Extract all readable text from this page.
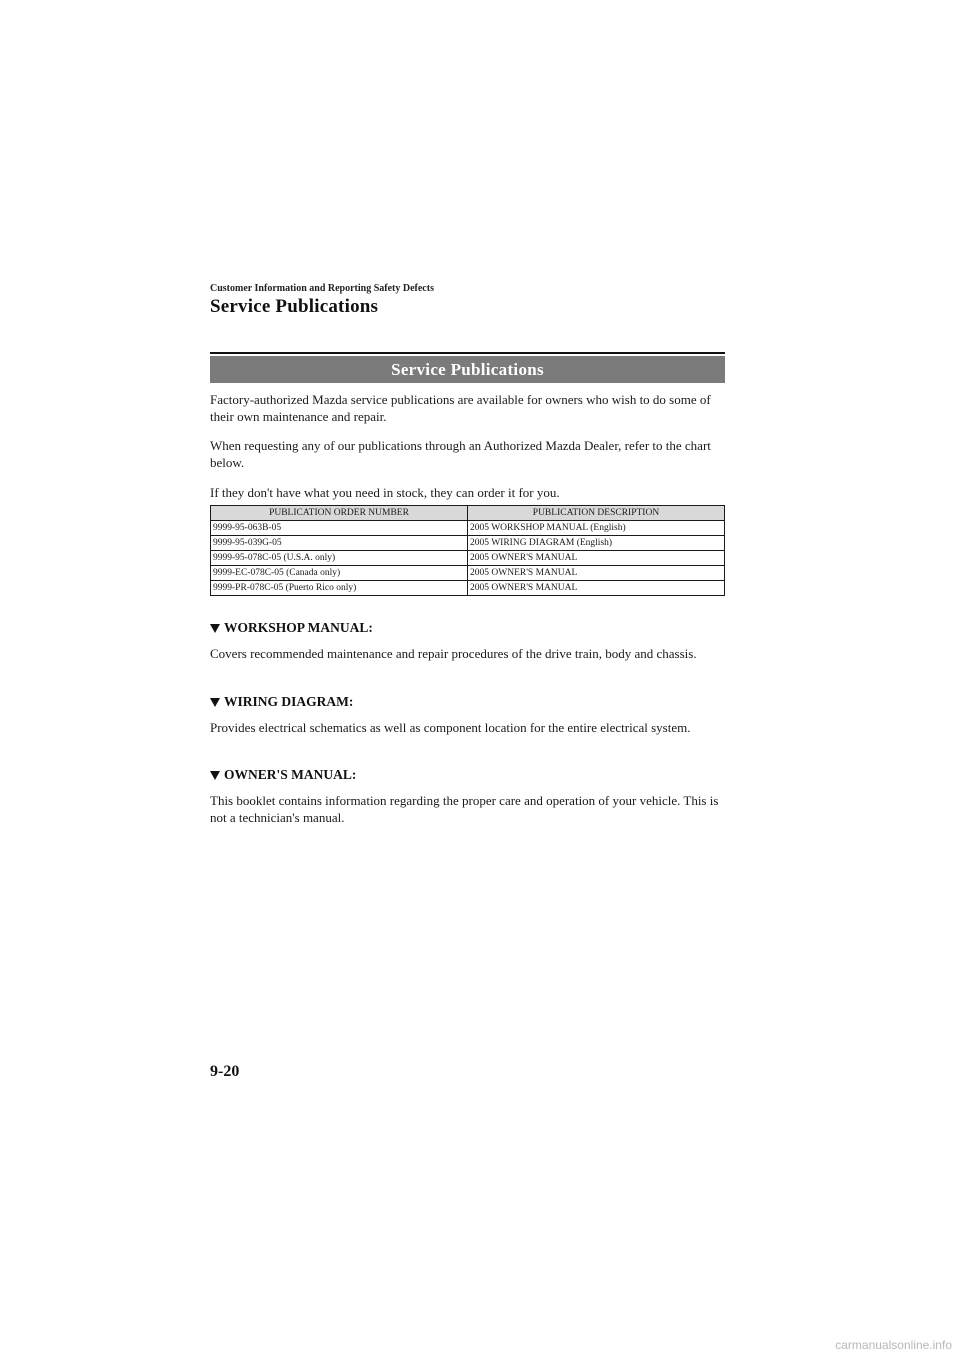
Customer Information and Reporting Safety Defects
Service Publications
Service Publications
Factory-authorized Mazda service publications are available for owners who wish to do some of their own maintenance and repair.
When requesting any of our publications through an Authorized Mazda Dealer, refer to the chart below.
If they don't have what you need in stock, they can order it for you.
PUBLICATION ORDER NUMBER	PUBLICATION DESCRIPTION
9999-95-063B-05	2005 WORKSHOP MANUAL (English)
9999-95-039G-05	2005 WIRING DIAGRAM (English)
9999-95-078C-05 (U.S.A. only)	2005 OWNER'S MANUAL
9999-EC-078C-05 (Canada only)	2005 OWNER'S MANUAL
9999-PR-078C-05 (Puerto Rico only)	2005 OWNER'S MANUAL
WORKSHOP MANUAL:
Covers recommended maintenance and repair procedures of the drive train, body and chassis.
WIRING DIAGRAM:
Provides electrical schematics as well as component location for the entire electrical system.
OWNER'S MANUAL:
This booklet contains information regarding the proper care and operation of your vehicle. This is not a technician's manual.
9-20
carmanualsonline.info
